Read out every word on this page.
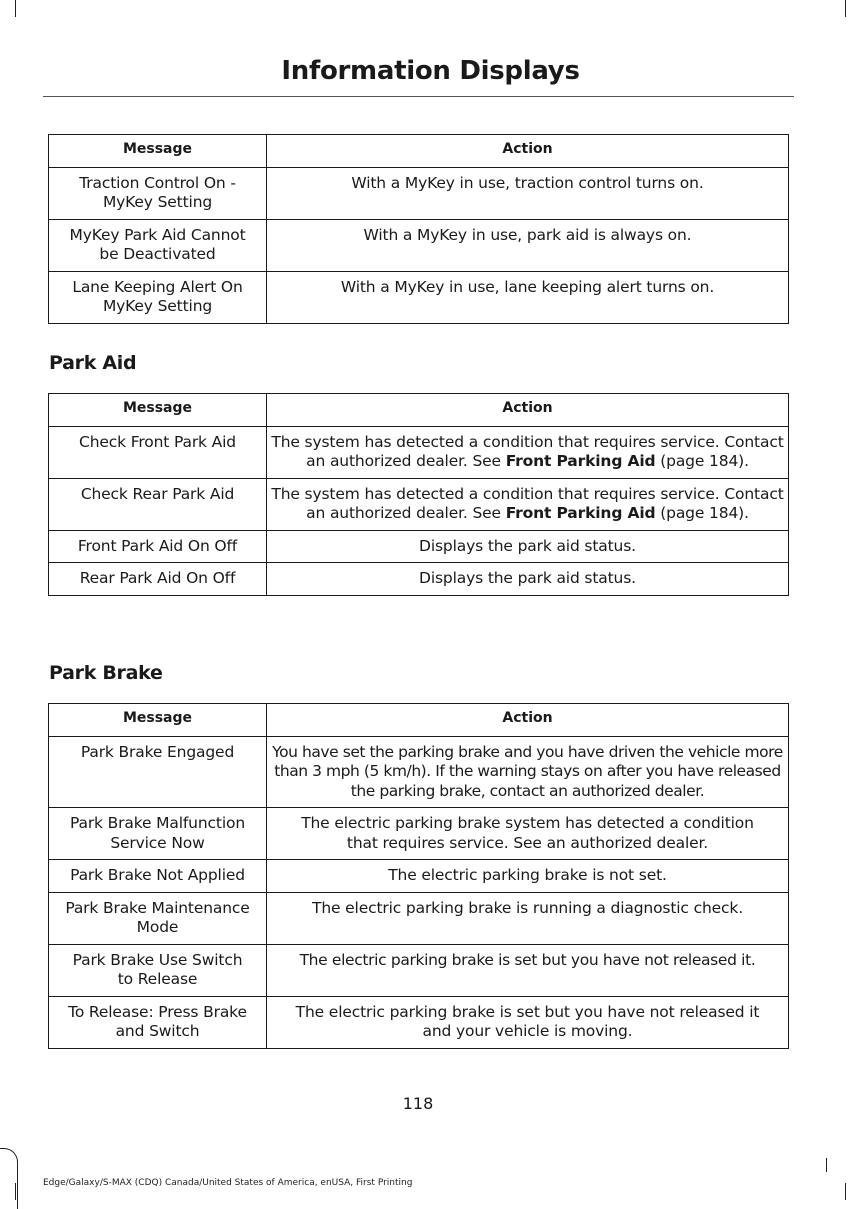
Information Displays
Message	Action
Traction Control On -
MyKey Setting	With a MyKey in use, traction control turns on.
MyKey Park Aid Cannot
be Deactivated	With a MyKey in use, park aid is always on.
Lane Keeping Alert On
MyKey Setting	With a MyKey in use, lane keeping alert turns on.
Park Aid
Message	Action
Check Front Park Aid	The system has detected a condition that requires service. Contact an authorized dealer. See Front Parking Aid (page 184).
Check Rear Park Aid	The system has detected a condition that requires service. Contact an authorized dealer. See Front Parking Aid (page 184).
Front Park Aid On Off	Displays the park aid status.
Rear Park Aid On Off	Displays the park aid status.
Park Brake
Message	Action
Park Brake Engaged	You have set the parking brake and you have driven the vehicle more than 3 mph (5 km/h). If the warning stays on after you have released the parking brake, contact an authorized dealer.
Park Brake Malfunction
Service Now	The electric parking brake system has detected a condition
that requires service. See an authorized dealer.
Park Brake Not Applied	The electric parking brake is not set.
Park Brake Maintenance
Mode	The electric parking brake is running a diagnostic check.
Park Brake Use Switch
to Release	The electric parking brake is set but you have not released it.
To Release: Press Brake
and Switch	The electric parking brake is set but you have not released it
and your vehicle is moving.
118
Edge/Galaxy/S-MAX (CDQ) Canada/United States of America, enUSA, First Printing
